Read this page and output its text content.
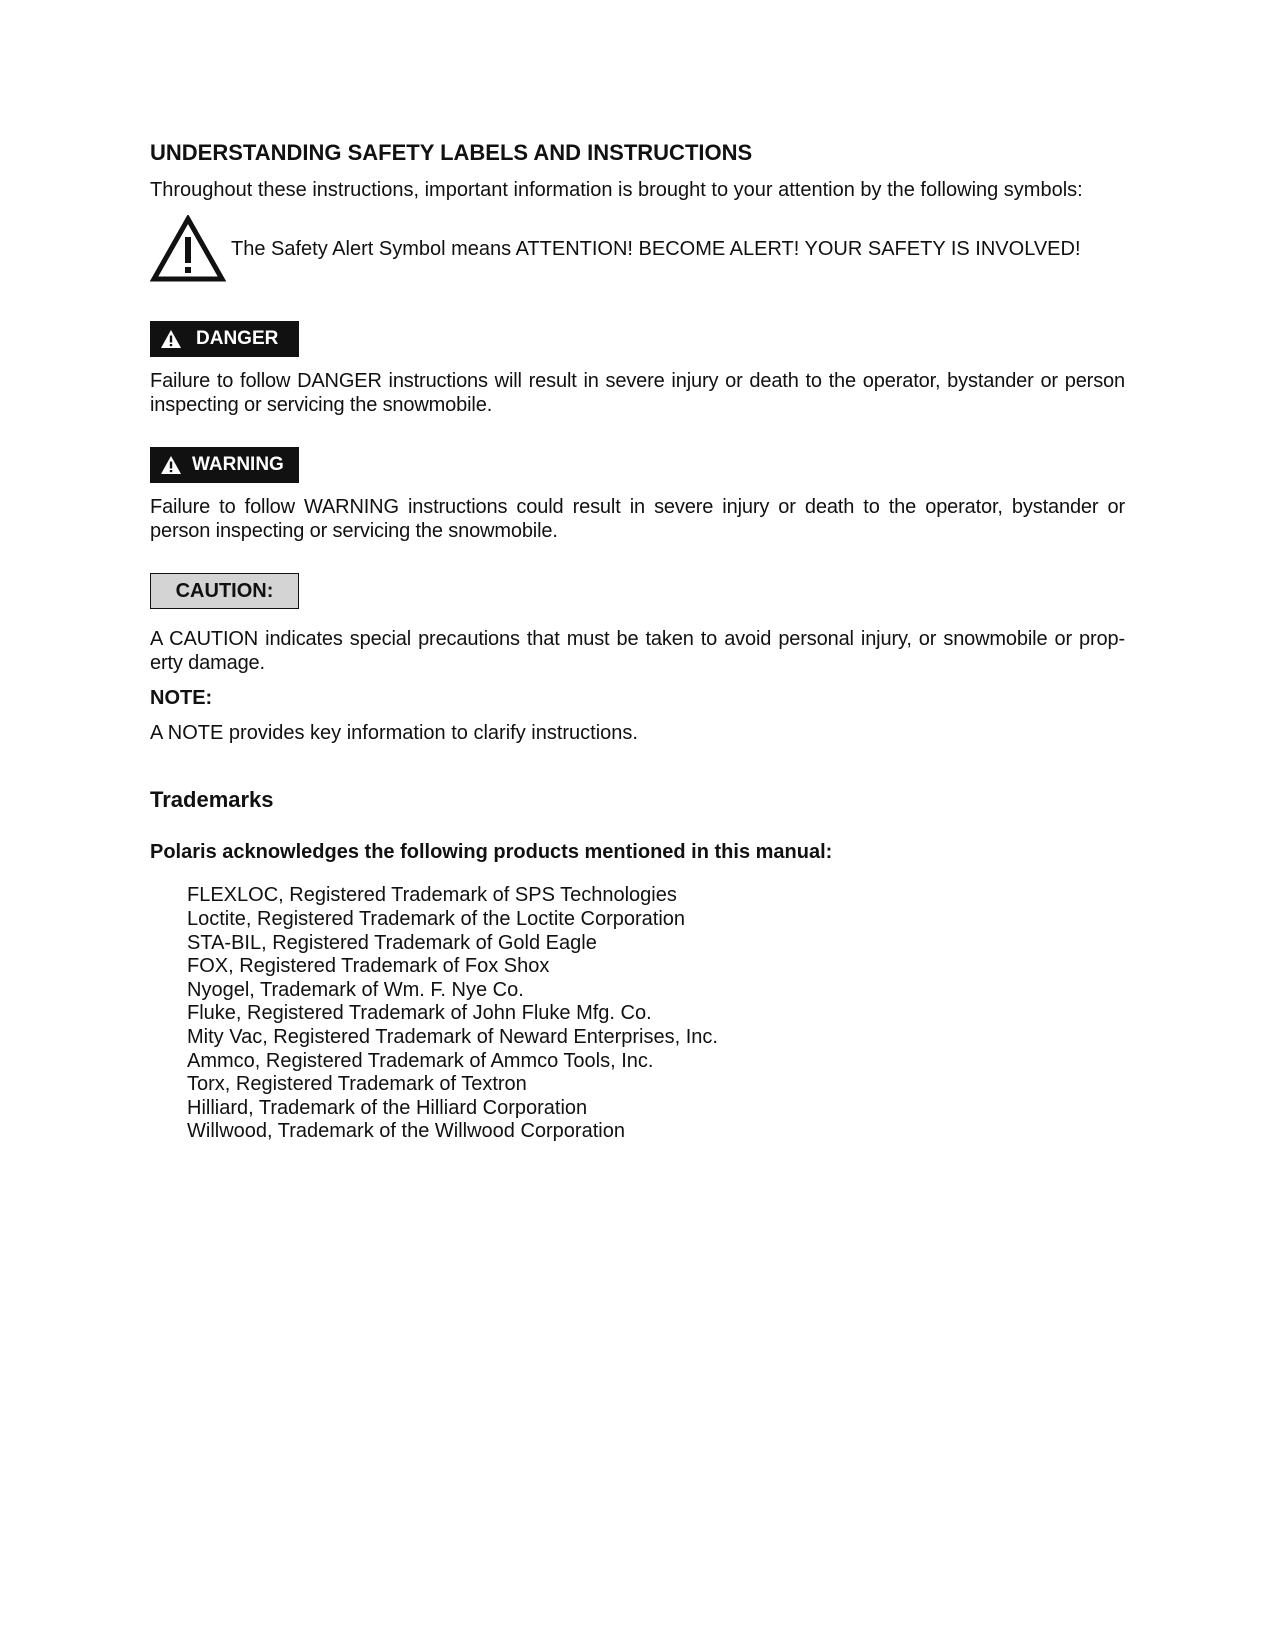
UNDERSTANDING SAFETY LABELS AND INSTRUCTIONS
Throughout these instructions, important information is brought to your attention by the following symbols:
The Safety Alert Symbol means ATTENTION! BECOME ALERT! YOUR SAFETY IS INVOLVED!
DANGER
Failure to follow DANGER instructions will result in severe injury or death to the operator, bystander or person inspecting or servicing the snowmobile.
WARNING
Failure to follow WARNING instructions could result in severe injury or death to the operator, bystander or person inspecting or servicing the snowmobile.
CAUTION:
A CAUTION indicates special precautions that must be taken to avoid personal injury, or snowmobile or prop-erty damage.
NOTE:
A NOTE provides key information to clarify instructions.
Trademarks
Polaris acknowledges the following products mentioned in this manual:
FLEXLOC, Registered Trademark of SPS Technologies
Loctite, Registered Trademark of the Loctite Corporation
STA-BIL, Registered Trademark of Gold Eagle
FOX, Registered Trademark of Fox Shox
Nyogel, Trademark of Wm. F. Nye Co.
Fluke, Registered Trademark of John Fluke Mfg. Co.
Mity Vac, Registered Trademark of Neward Enterprises, Inc.
Ammco, Registered Trademark of Ammco Tools, Inc.
Torx, Registered Trademark of Textron
Hilliard, Trademark of the Hilliard Corporation
Willwood, Trademark of the Willwood Corporation
